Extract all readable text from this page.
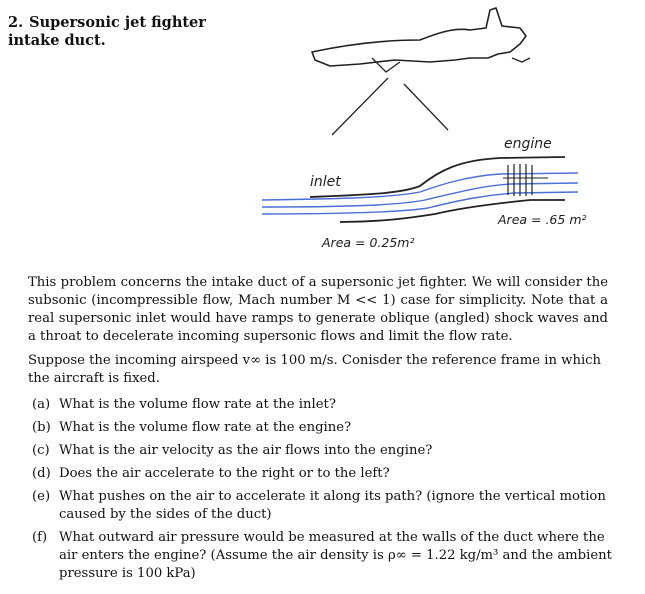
2. Supersonic jet fighter intake duct.
engine
inlet
Area = 0.25m²
Area = .65 m²
This problem concerns the intake duct of a supersonic jet fighter. We will consider the subsonic (incompressible flow, Mach number M << 1) case for simplicity. Note that a real supersonic inlet would have ramps to generate oblique (angled) shock waves and a throat to decelerate incoming supersonic flows and limit the flow rate.
Suppose the incoming airspeed v∞ is 100 m/s. Conisder the reference frame in which the aircraft is fixed.
(a) What is the volume flow rate at the inlet?
(b) What is the volume flow rate at the engine?
(c) What is the air velocity as the air flows into the engine?
(d) Does the air accelerate to the right or to the left?
(e) What pushes on the air to accelerate it along its path? (ignore the vertical motion caused by the sides of the duct)
(f) What outward air pressure would be measured at the walls of the duct where the air enters the engine? (Assume the air density is ρ∞ = 1.22 kg/m³ and the ambient pressure is 100 kPa)
